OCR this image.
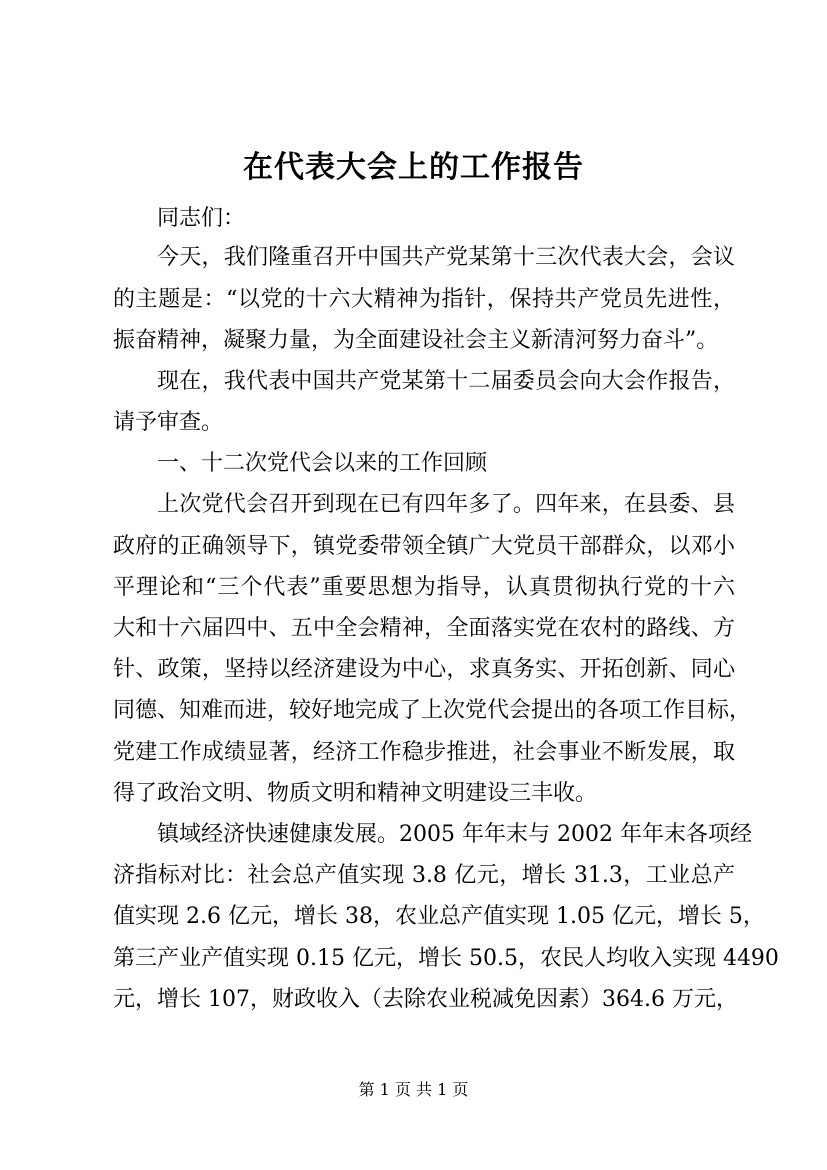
在代表大会上的工作报告
同志们：
今天，我们隆重召开中国共产党某第十三次代表大会，会议
的主题是：“以党的十六大精神为指针，保持共产党员先进性，
振奋精神，凝聚力量，为全面建设社会主义新清河努力奋斗”。
现在，我代表中国共产党某第十二届委员会向大会作报告，
请予审查。
一、十二次党代会以来的工作回顾
上次党代会召开到现在已有四年多了。四年来，在县委、县
政府的正确领导下，镇党委带领全镇广大党员干部群众，以邓小
平理论和“三个代表”重要思想为指导，认真贯彻执行党的十六
大和十六届四中、五中全会精神，全面落实党在农村的路线、方
针、政策，坚持以经济建设为中心，求真务实、开拓创新、同心
同德、知难而进，较好地完成了上次党代会提出的各项工作目标，
党建工作成绩显著，经济工作稳步推进，社会事业不断发展，取
得了政治文明、物质文明和精神文明建设三丰收。
镇域经济快速健康发展。2005 年年末与 2002 年年末各项经
济指标对比：社会总产值实现 3.8 亿元，增长 31.3，工业总产
值实现 2.6 亿元，增长 38，农业总产值实现 1.05 亿元，增长 5，
第三产业产值实现 0.15 亿元，增长 50.5，农民人均收入实现 4490
元，增长 107，财政收入（去除农业税减免因素）364.6 万元，
第 1 页 共 1 页
